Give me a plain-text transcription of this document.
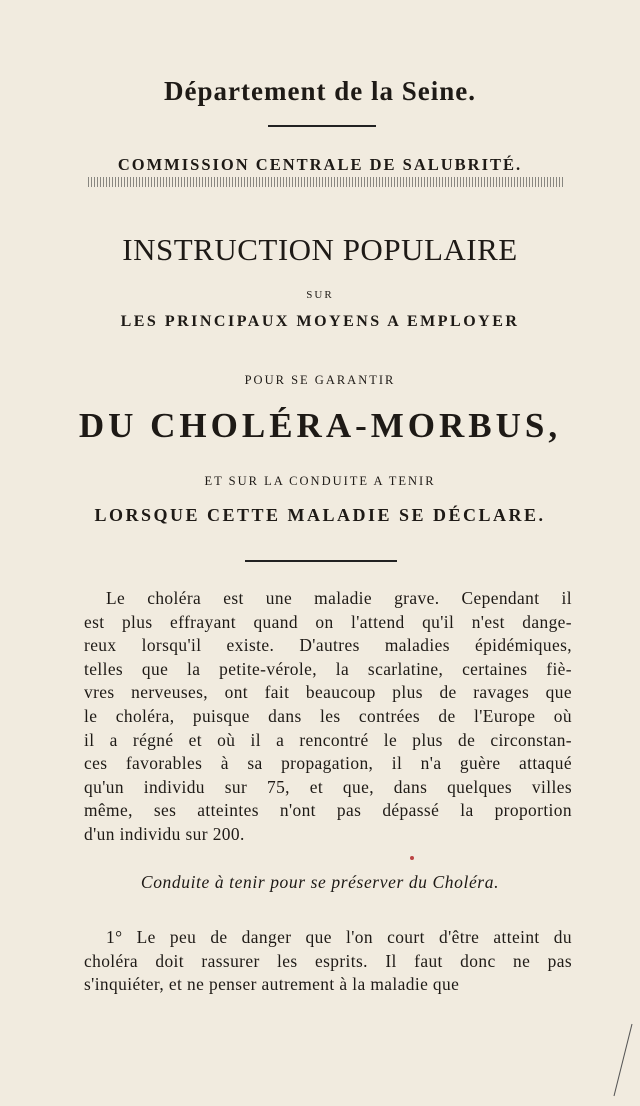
Département de la Seine.
COMMISSION CENTRALE DE SALUBRITÉ.
INSTRUCTION POPULAIRE
SUR
LES PRINCIPAUX MOYENS A EMPLOYER
POUR SE GARANTIR
DU CHOLÉRA-MORBUS,
ET SUR LA CONDUITE A TENIR
LORSQUE CETTE MALADIE SE DÉCLARE.
Le choléra est une maladie grave. Cependant il
est plus effrayant quand on l'attend qu'il n'est dange-
reux lorsqu'il existe. D'autres maladies épidémiques,
telles que la petite-vérole, la scarlatine, certaines fiè-
vres nerveuses, ont fait beaucoup plus de ravages que
le choléra, puisque dans les contrées de l'Europe où
il a régné et où il a rencontré le plus de circonstan-
ces favorables à sa propagation, il n'a guère attaqué
qu'un individu sur 75, et que, dans quelques villes
même, ses atteintes n'ont pas dépassé la proportion
d'un individu sur 200.
Conduite à tenir pour se préserver du Choléra.
1° Le peu de danger que l'on court d'être atteint du
choléra doit rassurer les esprits. Il faut donc ne pas
s'inquiéter, et ne penser autrement à la maladie que
